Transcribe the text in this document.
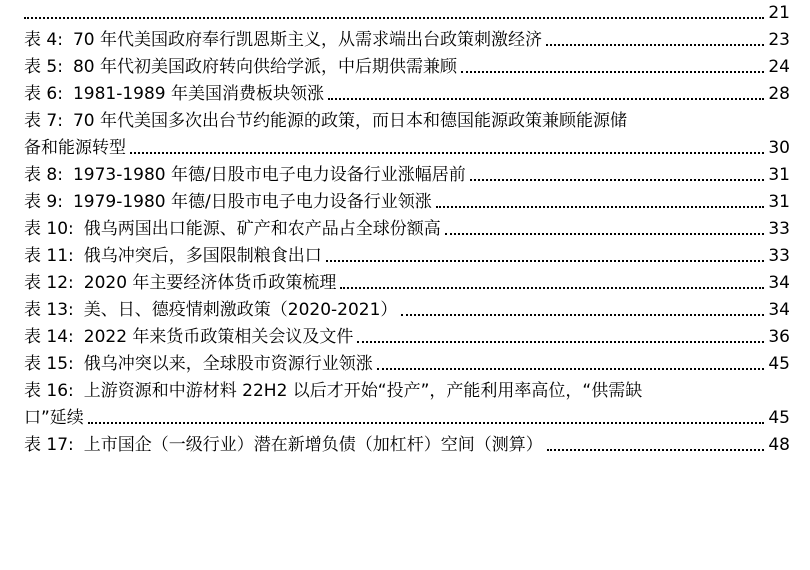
21
表 4: 70 年代美国政府奉行凯恩斯主义，从需求端出台政策刺激经济	23
表 5: 80 年代初美国政府转向供给学派，中后期供需兼顾	24
表 6: 1981-1989 年美国消费板块领涨	28
表 7: 70 年代美国多次出台节约能源的政策，而日本和德国能源政策兼顾能源储
备和能源转型	30
表 8: 1973-1980 年德/日股市电子电力设备行业涨幅居前	31
表 9: 1979-1980 年德/日股市电子电力设备行业领涨	31
表 10: 俄乌两国出口能源、矿产和农产品占全球份额高	33
表 11: 俄乌冲突后，多国限制粮食出口	33
表 12: 2020 年主要经济体货币政策梳理	34
表 13: 美、日、德疫情刺激政策（2020-2021）	34
表 14: 2022 年来货币政策相关会议及文件	36
表 15: 俄乌冲突以来，全球股市资源行业领涨	45
表 16: 上游资源和中游材料 22H2 以后才开始“投产”，产能利用率高位，“供需缺
口”延续	45
表 17: 上市国企（一级行业）潜在新增负债（加杠杆）空间（测算）	48
